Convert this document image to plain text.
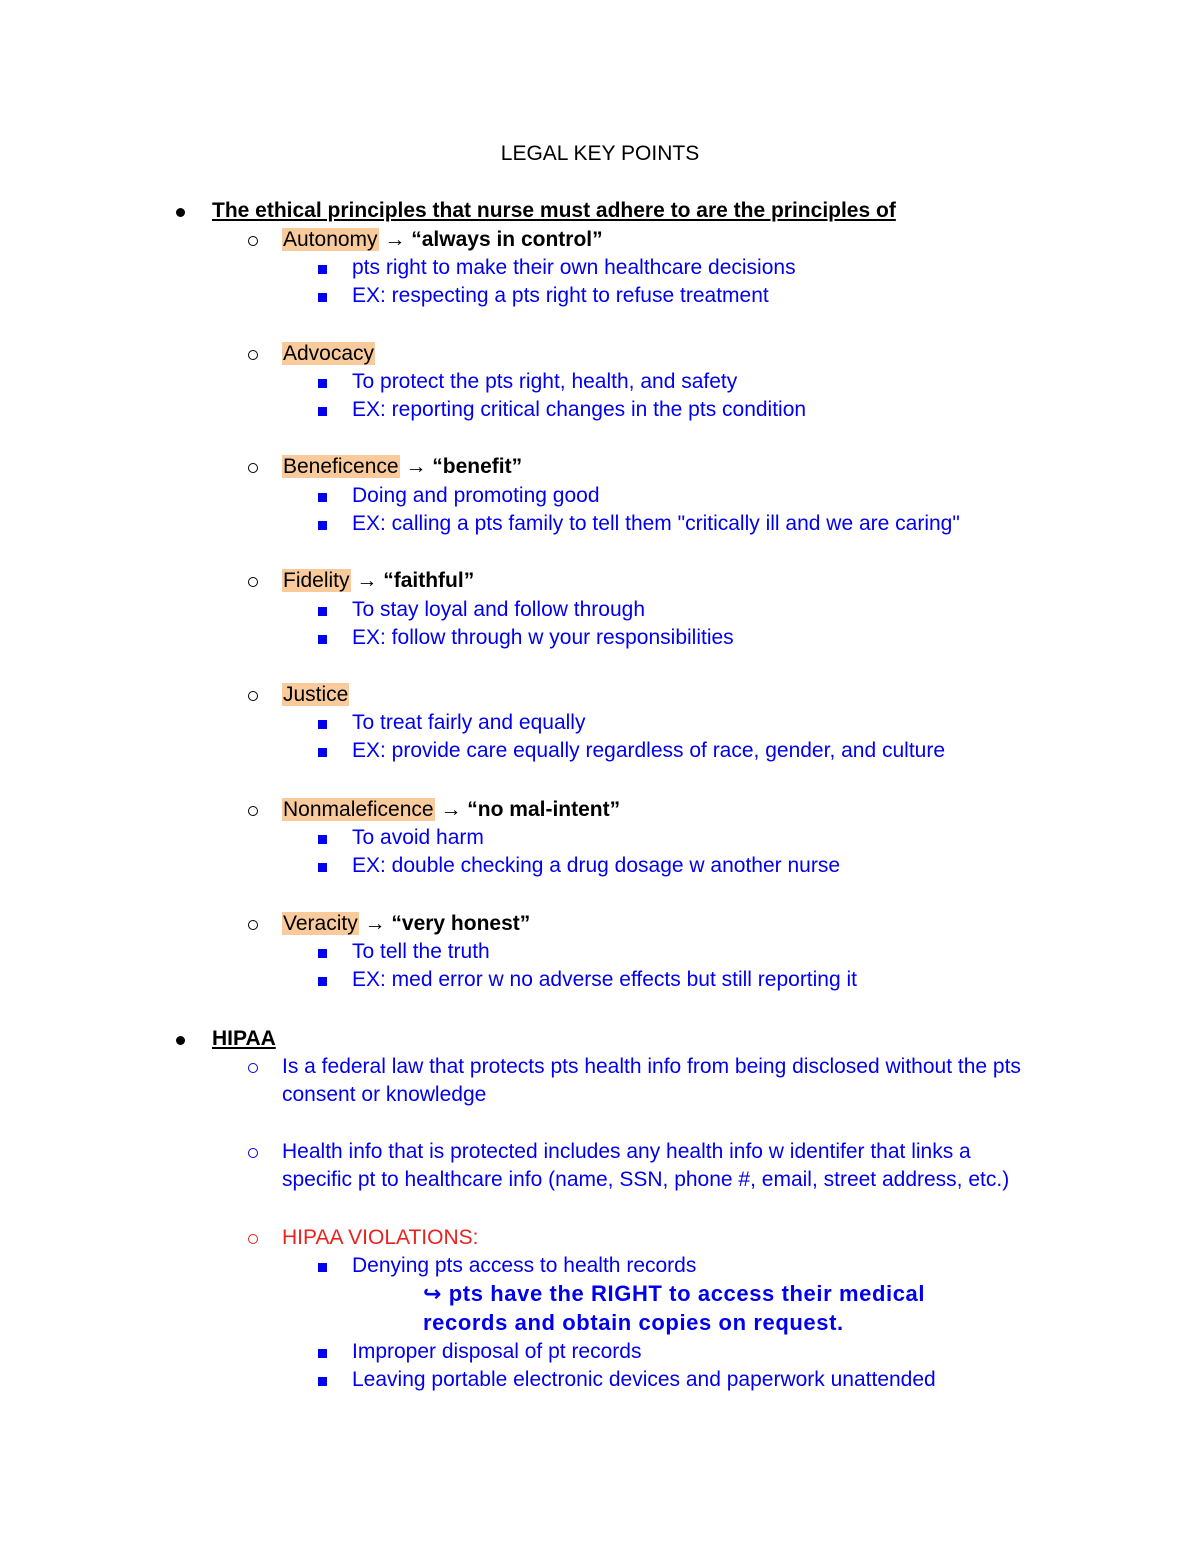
LEGAL KEY POINTS
The ethical principles that nurse must adhere to are the principles of
Autonomy → “always in control”
pts right to make their own healthcare decisions
EX: respecting a pts right to refuse treatment
Advocacy
To protect the pts right, health, and safety
EX: reporting critical changes in the pts condition
Beneficence → “benefit”
Doing and promoting good
EX: calling a pts family to tell them "critically ill and we are caring"
Fidelity → “faithful”
To stay loyal and follow through
EX: follow through w your responsibilities
Justice
To treat fairly and equally
EX: provide care equally regardless of race, gender, and culture
Nonmaleficence → “no mal-intent”
To avoid harm
EX: double checking a drug dosage w another nurse
Veracity → “very honest”
To tell the truth
EX: med error w no adverse effects but still reporting it
HIPAA
Is a federal law that protects pts health info from being disclosed without the pts
consent or knowledge
Health info that is protected includes any health info w identifer that links a
specific pt to healthcare info (name, SSN, phone #, email, street address, etc.)
HIPAA VIOLATIONS:
Denying pts access to health records
↪ pts have the RIGHT to access their medical
records and obtain copies on request.
Improper disposal of pt records
Leaving portable electronic devices and paperwork unattended
